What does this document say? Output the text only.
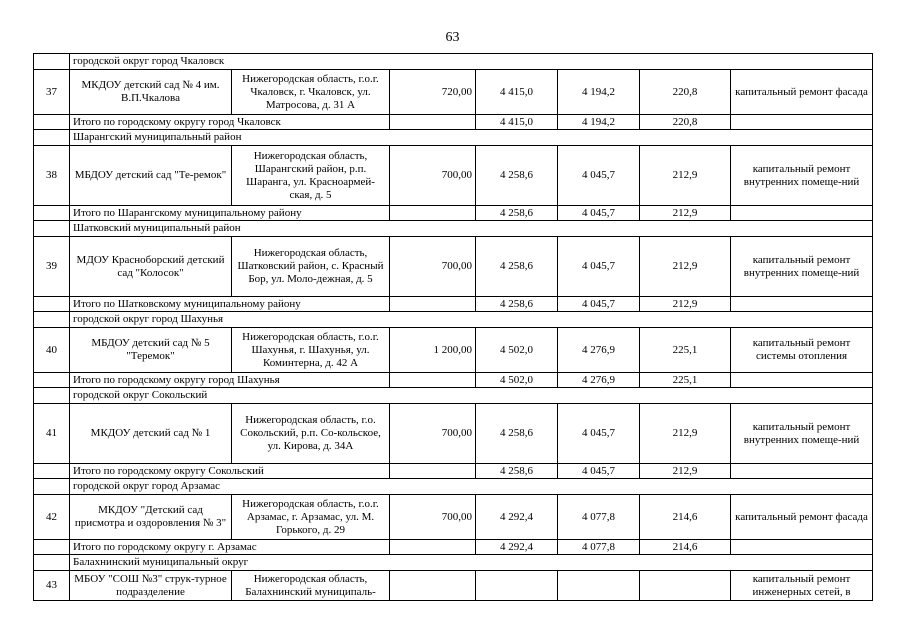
63
	городской округ город Чкаловск						
37	МКДОУ детский сад № 4 им. В.П.Чкалова	Нижегородская область, г.о.г. Чкаловск, г. Чкаловск, ул. Матросова, д. 31 А	720,00	4 415,0	4 194,2	220,8	капитальный ремонт фасада
	Итого по городскому округу город Чкаловск			4 415,0	4 194,2	220,8	
	Шарангский муниципальный район						
38	МБДОУ детский сад "Те-ремок"	Нижегородская область, Шарангский район, р.п. Шаранга, ул. Красноармей-ская, д. 5	700,00	4 258,6	4 045,7	212,9	капитальный ремонт внутренних помеще-ний
	Итого по Шарангскому муниципальному району			4 258,6	4 045,7	212,9	
	Шатковский муниципальный район						
39	МДОУ Красноборский детский сад "Колосок"	Нижегородская область, Шатковский район, с. Красный Бор, ул. Моло-дежная, д. 5	700,00	4 258,6	4 045,7	212,9	капитальный ремонт внутренних помеще-ний
	Итого по Шатковскому муниципальному району			4 258,6	4 045,7	212,9	
	городской округ город Шахунья						
40	МБДОУ детский сад № 5 "Теремок"	Нижегородская область, г.о.г. Шахунья, г. Шахунья, ул. Коминтерна, д. 42 А	1 200,00	4 502,0	4 276,9	225,1	капитальный ремонт системы отопления
	Итого по городскому округу город Шахунья			4 502,0	4 276,9	225,1	
	городской округ Сокольский						
41	МКДОУ детский сад № 1	Нижегородская область, г.о. Сокольский, р.п. Со-кольское, ул. Кирова, д. 34А	700,00	4 258,6	4 045,7	212,9	капитальный ремонт внутренних помеще-ний
	Итого по городскому округу Сокольский			4 258,6	4 045,7	212,9	
	городской округ город Арзамас						
42	МКДОУ "Детский сад присмотра и оздоровления № 3"	Нижегородская область, г.о.г. Арзамас, г. Арзамас, ул. М. Горького, д. 29	700,00	4 292,4	4 077,8	214,6	капитальный ремонт фасада
	Итого по городскому округу г. Арзамас			4 292,4	4 077,8	214,6	
	Балахнинский муниципальный округ						
43	МБОУ "СОШ №3" струк-турное подразделение	Нижегородская область, Балахнинский муниципаль-					капитальный ремонт инженерных сетей, в
